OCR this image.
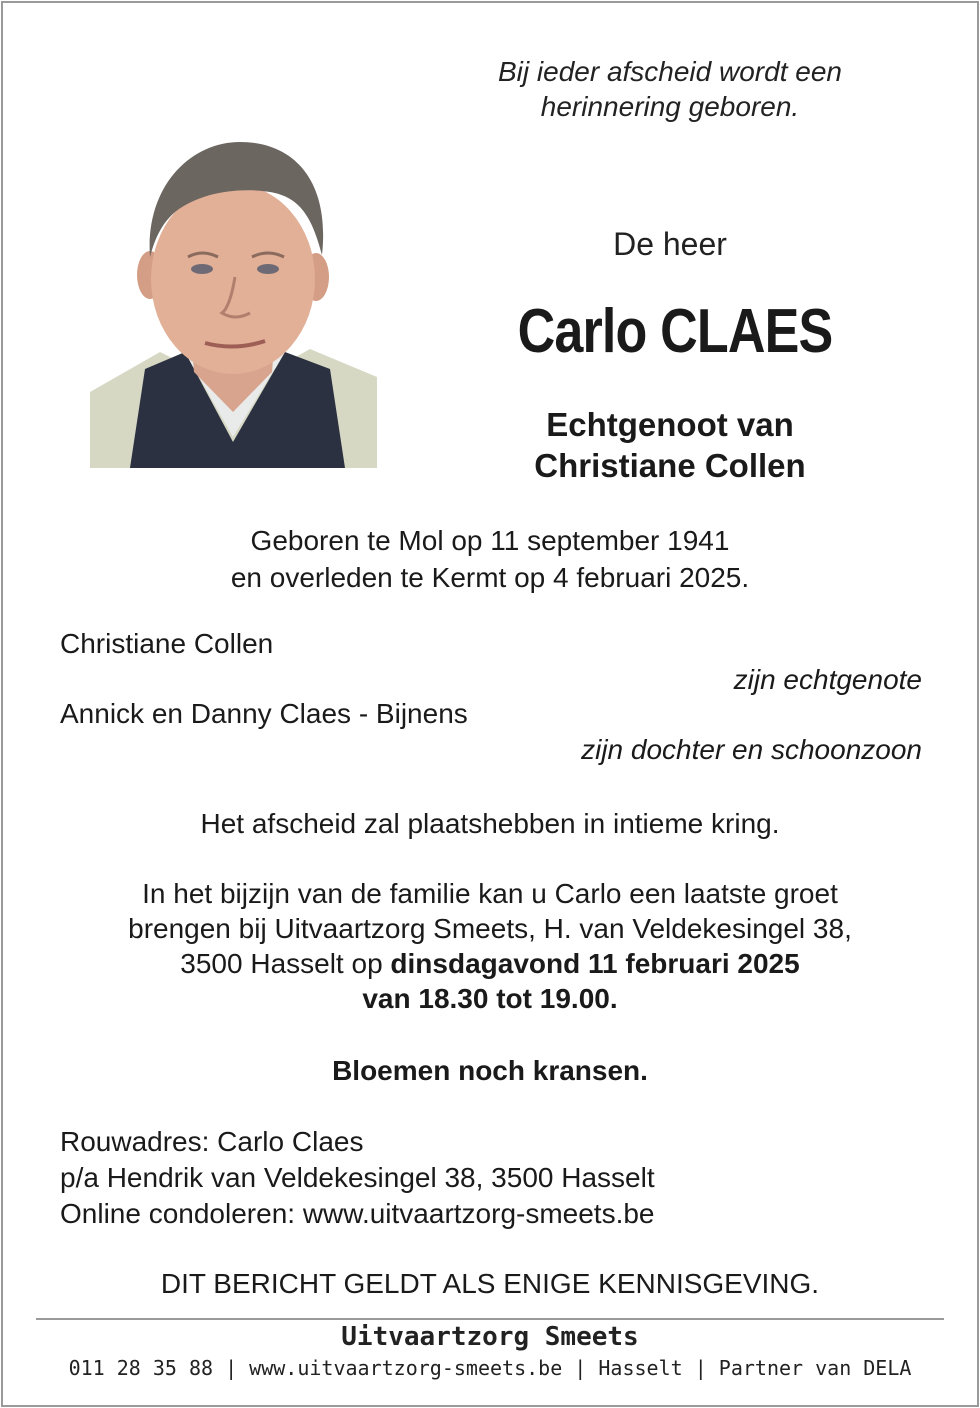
Bij ieder afscheid wordt een
herinnering geboren.
De heer
Carlo CLAES
Echtgenoot van
Christiane Collen
Geboren te Mol op 11 september 1941
en overleden te Kermt op 4 februari 2025.
Christiane Collen
zijn echtgenote
Annick en Danny Claes - Bijnens
zijn dochter en schoonzoon
Het afscheid zal plaatshebben in intieme kring.
In het bijzijn van de familie kan u Carlo een laatste groet
brengen bij Uitvaartzorg Smeets, H. van Veldekesingel 38,
3500 Hasselt op dinsdagavond 11 februari 2025
van 18.30 tot 19.00.
Bloemen noch kransen.
Rouwadres: Carlo Claes
p/a Hendrik van Veldekesingel 38, 3500 Hasselt
Online condoleren: www.uitvaartzorg-smeets.be
DIT BERICHT GELDT ALS ENIGE KENNISGEVING.
Uitvaartzorg Smeets
011 28 35 88 | www.uitvaartzorg-smeets.be | Hasselt | Partner van DELA
